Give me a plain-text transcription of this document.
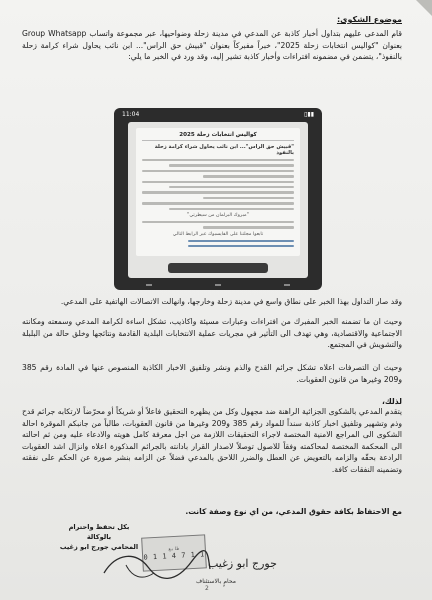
موضوع الشكوى:

قام المدعى عليهم بتداول أخبار كاذبة عن المدعي في مدينة زحلة وضواحيها، عبر مجموعة واتساب Group Whatsapp بعنوان "كواليس انتخابات زحلة 2025"، خبراً مفبركاً بعنوان "قبيش حق الراس"... ابن نائب يحاول شراء كرامة زحلة بالنفوذ"، يتضمن في مضمونه افتراءات وأخبار كاذبة تشير إليه، وقد ورد في الخبر ما يلي:

▮▮▯
11:04
كواليس انتخابات زحلة 2025
"قبيش حق الراس"... ابن نائب يحاول شراء كرامة زحلة بالنفوذ
"مبروك البرلمان من سيطرتي"
تابعوا مجلتنا على الفايسبوك عبر الرابط التالي

وقد صار التداول بهذا الخبر على نطاق واسع في مدينة زحلة وخارجها، وانهالت الاتصالات الهاتفية على المدعي.

وحيث ان ما تضمنه الخبر المفبرك من افتراءات وعبارات مسيئة واكاذيب، تشكل اساءة لكرامة المدعي وسمعته ومكانته الاجتماعية والاقتصادية، وهي تهدف الى التأثير في مجريات عملية الانتخابات البلدية القادمة ونتائجها وخلق حالة من البلبلة والتشويش في المجتمع.

وحيث ان التصرفات اعلاه تشكل جرائم القدح والذم ونشر وتلفيق الاخبار الكاذبة المنصوص عنها في المادة رقم 385 و209 وغيرها من قانون العقوبات.

لذلك،

يتقدم المدعي بالشكوى الجزائية الراهنة ضد مجهول وكل من يظهره التحقيق فاعلاً أو شريكاً أو محرّضاً لارتكابه جرائم قدح وذم وتشهير وتلفيق اخبار كاذبة سنداً للمواد رقم 385 و209 وغيرها من قانون العقوبات، طالباً من جانبكم الموقرة احالة الشكوى الى المراجع الامنية المختصة لاجراء التحقيقات اللازمة من اجل معرفة كامل هويته والادعاء عليه ومن ثم احالته الى المحكمة المختصة لمحاكمته وفقاً للاصول توصلاً لاصدار القرار بادانته بالجرائم المذكورة اعلاه وانزال اشد العقوبات الرادعة بحقّه والزامه بالتعويض عن العطل والضرر اللاحق بالمدعي فضلاً عن الزامه بنشر صورة عن الحكم على نفقته وتضمينه النفقات كافة.

مع الاحتفاظ بكافة حقوق المدعي، من اي نوع وصفة كانت.

بكل تحفظ واحترام
بالوكالة
المحامي جورج ابو زغيب	طابع
1 1 7 4 1 1 0
جورج ابو زغيب
محامٍ بالاستئناف
2
